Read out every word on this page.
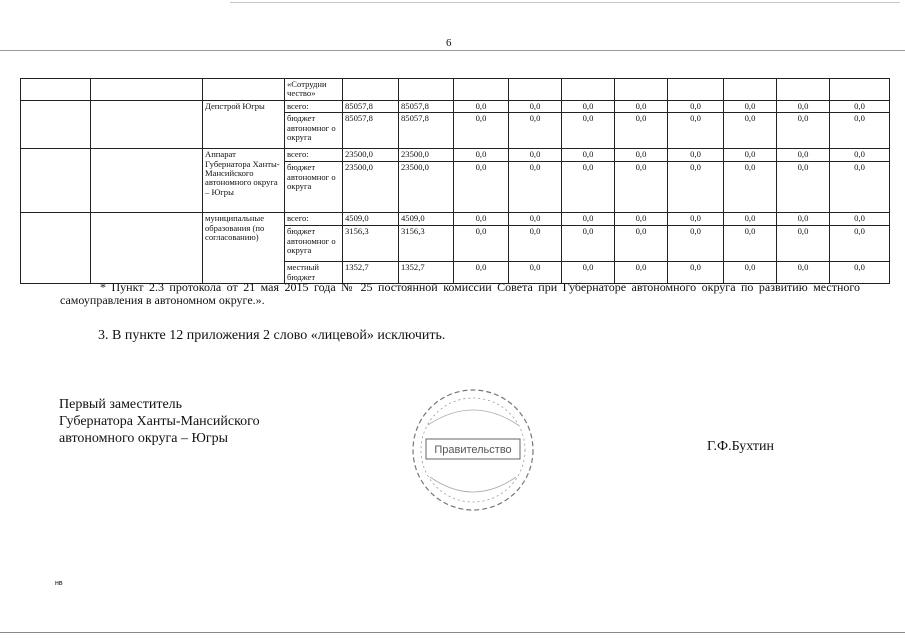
6
			«Сотрудни чество»										
		Депстрой Югры	всего:	85057,8	85057,8	0,0	0,0	0,0	0,0	0,0	0,0	0,0	0,0
			бюджет автономног о округа	85057,8	85057,8	0,0	0,0	0,0	0,0	0,0	0,0	0,0	0,0
		Аппарат Губернатора Ханты-Мансийского автономного округа – Югры	всего:	23500,0	23500,0	0,0	0,0	0,0	0,0	0,0	0,0	0,0	0,0
			бюджет автономног о округа	23500,0	23500,0	0,0	0,0	0,0	0,0	0,0	0,0	0,0	0,0
		муниципальные образования (по согласованию)	всего:	4509,0	4509,0	0,0	0,0	0,0	0,0	0,0	0,0	0,0	0,0
			бюджет автономног о округа	3156,3	3156,3	0,0	0,0	0,0	0,0	0,0	0,0	0,0	0,0
			местный бюджет	1352,7	1352,7	0,0	0,0	0,0	0,0	0,0	0,0	0,0	0,0
* Пункт 2.3 протокола от 21 мая 2015 года № 25 постоянной комиссии Совета при Губернаторе автономного округа по развитию местного самоуправления в автономном округе.».
3. В пункте 12 приложения 2 слово «лицевой» исключить.
Первый заместитель
Губернатора Ханты-Мансийского
автономного округа – Югры
Правительство	Г.Ф.Бухтин
нв
